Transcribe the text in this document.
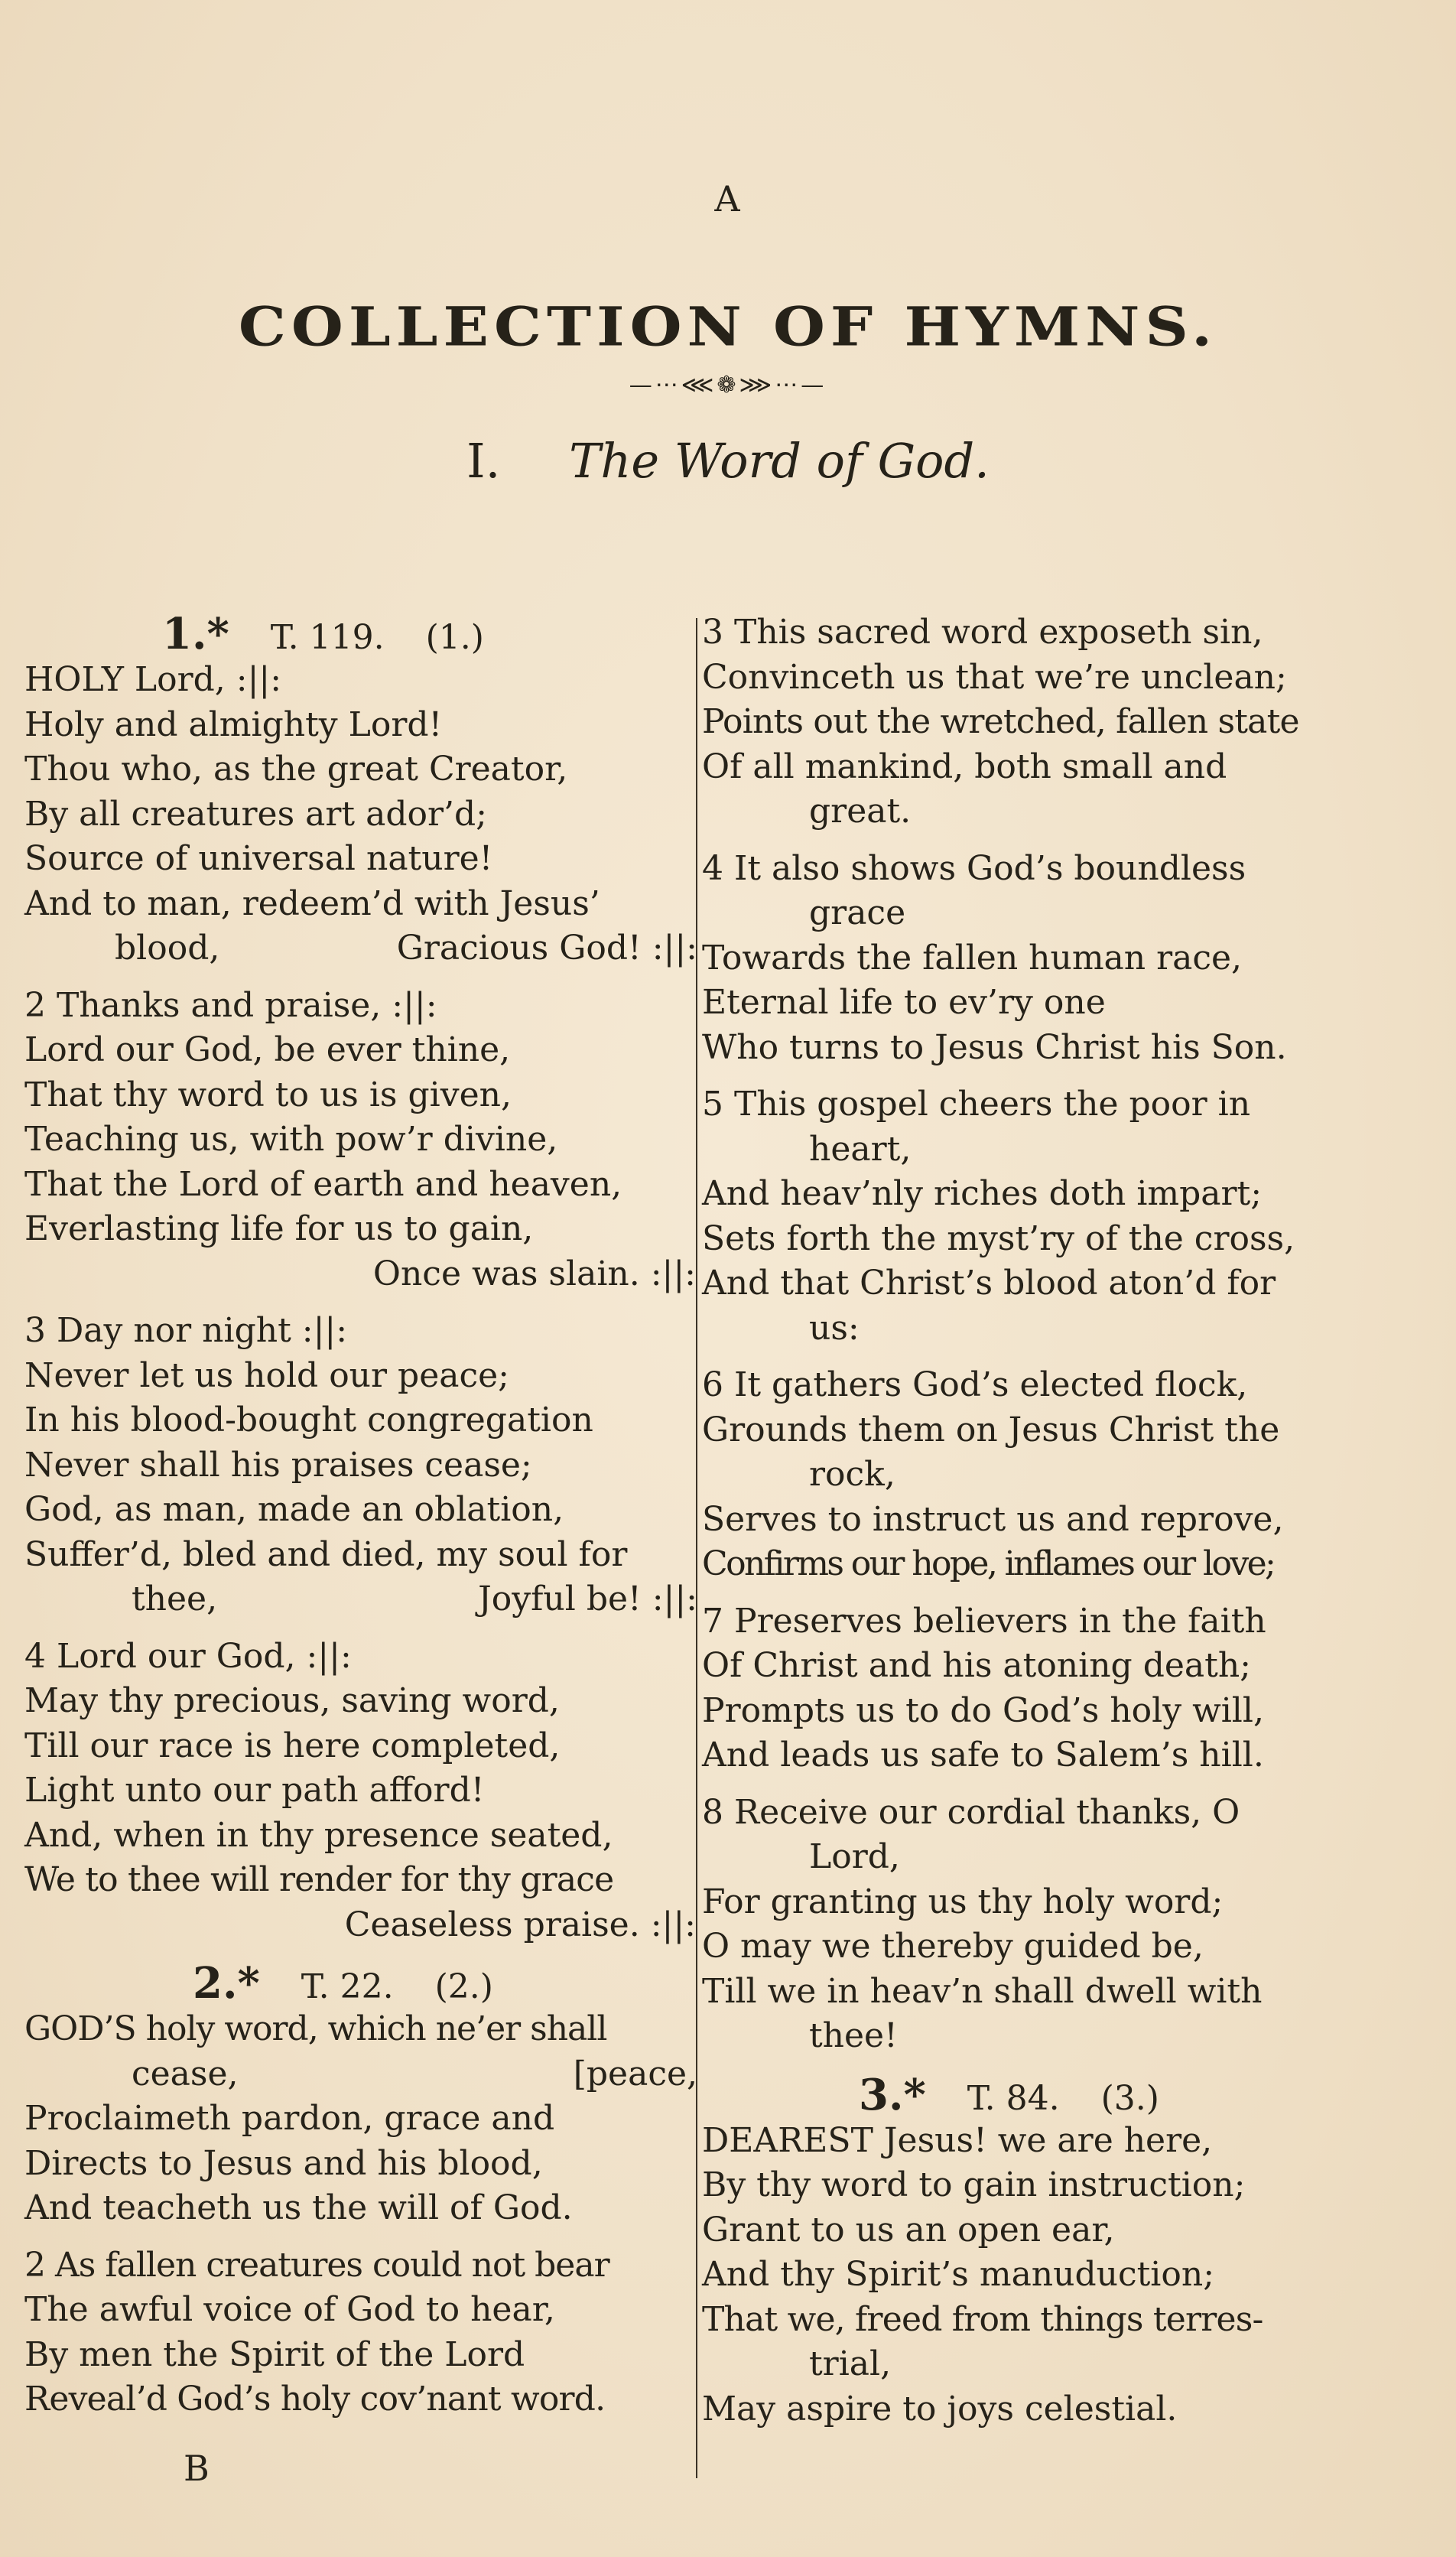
A
COLLECTION OF HYMNS.
—⋯⋘❁⋙⋯—
I. The Word of God.
1.* T. 119. (1.)
HOLY Lord, :||:
Holy and almighty Lord!
Thou who, as the great Creator,
By all creatures art ador’d;
Source of universal nature!
And to man, redeem’d with Jesus’
blood,	Gracious God! :||:
2 Thanks and praise, :||:
Lord our God, be ever thine,
That thy word to us is given,
Teaching us, with pow’r divine,
That the Lord of earth and heaven,
Everlasting life for us to gain,
Once was slain. :||:
3 Day nor night :||:
Never let us hold our peace;
In his blood-bought congregation
Never shall his praises cease;
God, as man, made an oblation,
Suffer’d, bled and died, my soul for
thee,	Joyful be! :||:
4 Lord our God, :||:
May thy precious, saving word,
Till our race is here completed,
Light unto our path afford!
And, when in thy presence seated,
We to thee will render for thy grace
Ceaseless praise. :||:
2.* T. 22. (2.)
GOD’S holy word, which ne’er shall
cease,	[peace,
Proclaimeth pardon, grace and
Directs to Jesus and his blood,
And teacheth us the will of God.
2 As fallen creatures could not bear
The awful voice of God to hear,
By men the Spirit of the Lord
Reveal’d God’s holy cov’nant word.
B
3 This sacred word exposeth sin,
Convinceth us that we’re unclean;
Points out the wretched, fallen state
Of all mankind, both small and
great.
4 It also shows God’s boundless
grace
Towards the fallen human race,
Eternal life to ev’ry one
Who turns to Jesus Christ his Son.
5 This gospel cheers the poor in
heart,
And heav’nly riches doth impart;
Sets forth the myst’ry of the cross,
And that Christ’s blood aton’d for
us:
6 It gathers God’s elected flock,
Grounds them on Jesus Christ the
rock,
Serves to instruct us and reprove,
Confirms our hope, inflames our love;
7 Preserves believers in the faith
Of Christ and his atoning death;
Prompts us to do God’s holy will,
And leads us safe to Salem’s hill.
8 Receive our cordial thanks, O
Lord,
For granting us thy holy word;
O may we thereby guided be,
Till we in heav’n shall dwell with
thee!
3.* T. 84. (3.)
DEAREST Jesus! we are here,
By thy word to gain instruction;
Grant to us an open ear,
And thy Spirit’s manuduction;
That we, freed from things terres-
trial,
May aspire to joys celestial.
